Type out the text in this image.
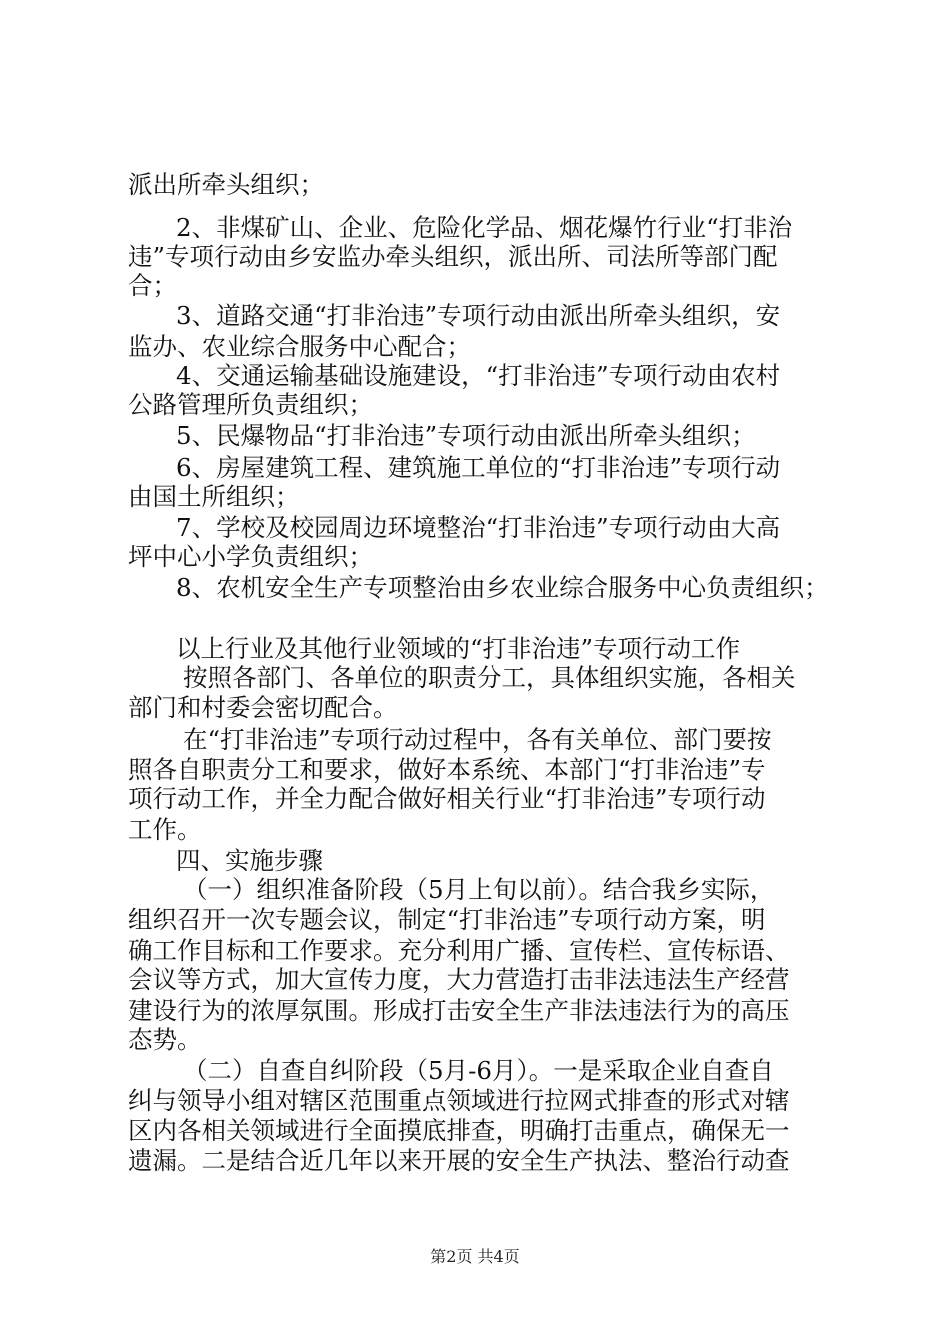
派出所牵头组织；

2、非煤矿山、企业、危险化学品、烟花爆竹行业“打非治

违”专项行动由乡安监办牵头组织，派出所、司法所等部门配

合；

3、道路交通“打非治违”专项行动由派出所牵头组织，安

监办、农业综合服务中心配合；

4、交通运输基础设施建设，“打非治违”专项行动由农村

公路管理所负责组织；

5、民爆物品“打非治违”专项行动由派出所牵头组织；

6、房屋建筑工程、建筑施工单位的“打非治违”专项行动

由国土所组织；

7、学校及校园周边环境整治“打非治违”专项行动由大高

坪中心小学负责组织；

8、农机安全生产专项整治由乡农业综合服务中心负责组织；

以上行业及其他行业领域的“打非治违”专项行动工作

按照各部门、各单位的职责分工，具体组织实施，各相关

部门和村委会密切配合。

在“打非治违”专项行动过程中，各有关单位、部门要按

照各自职责分工和要求，做好本系统、本部门“打非治违”专

项行动工作，并全力配合做好相关行业“打非治违”专项行动

工作。

四、实施步骤

（一）组织准备阶段（5月上旬以前）。结合我乡实际，

组织召开一次专题会议，制定“打非治违”专项行动方案，明

确工作目标和工作要求。充分利用广播、宣传栏、宣传标语、

会议等方式，加大宣传力度，大力营造打击非法违法生产经营

建设行为的浓厚氛围。形成打击安全生产非法违法行为的高压

态势。

（二）自查自纠阶段（5月-6月）。一是采取企业自查自

纠与领导小组对辖区范围重点领域进行拉网式排查的形式对辖

区内各相关领域进行全面摸底排查，明确打击重点，确保无一

遗漏。二是结合近几年以来开展的安全生产执法、整治行动查

第2页 共4页
